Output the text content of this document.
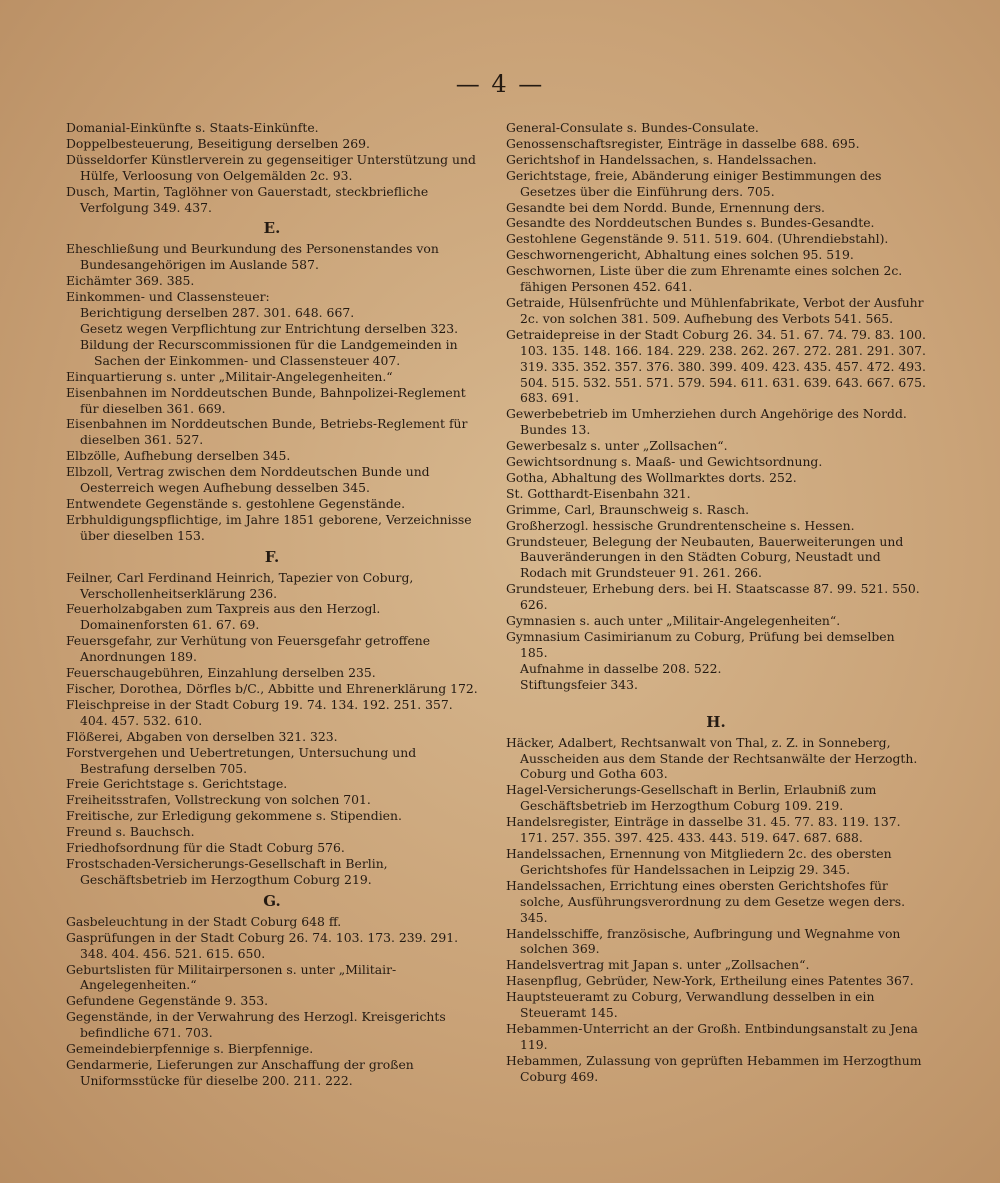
— 4 —
Domanial-Einkünfte s. Staats-Einkünfte.
Doppelbesteuerung, Beseitigung derselben 269.
Düsseldorfer Künstlerverein zu gegenseitiger Unterstützung und Hülfe, Verloosung von Oelgemälden 2c. 93.
Dusch, Martin, Taglöhner von Gauerstadt, steckbriefliche Verfolgung 349. 437.
E.
Eheschließung und Beurkundung des Personenstandes von Bundesangehörigen im Auslande 587.
Eichämter 369. 385.
Einkommen- und Classensteuer:
Berichtigung derselben 287. 301. 648. 667.
Gesetz wegen Verpflichtung zur Entrichtung derselben 323.
Bildung der Recurscommissionen für die Landgemeinden in Sachen der Einkommen- und Classensteuer 407.
Einquartierung s. unter „Militair-Angelegenheiten.“
Eisenbahnen im Norddeutschen Bunde, Bahnpolizei-Reglement für dieselben 361. 669.
Eisenbahnen im Norddeutschen Bunde, Betriebs-Reglement für dieselben 361. 527.
Elbzölle, Aufhebung derselben 345.
Elbzoll, Vertrag zwischen dem Norddeutschen Bunde und Oesterreich wegen Aufhebung desselben 345.
Entwendete Gegenstände s. gestohlene Gegenstände.
Erbhuldigungspflichtige, im Jahre 1851 geborene, Verzeichnisse über dieselben 153.
F.
Feilner, Carl Ferdinand Heinrich, Tapezier von Coburg, Verschollenheitserklärung 236.
Feuerholzabgaben zum Taxpreis aus den Herzogl. Domainenforsten 61. 67. 69.
Feuersgefahr, zur Verhütung von Feuersgefahr getroffene Anordnungen 189.
Feuerschaugebühren, Einzahlung derselben 235.
Fischer, Dorothea, Dörfles b/C., Abbitte und Ehrenerklärung 172.
Fleischpreise in der Stadt Coburg 19. 74. 134. 192. 251. 357. 404. 457. 532. 610.
Flößerei, Abgaben von derselben 321. 323.
Forstvergehen und Uebertretungen, Untersuchung und Bestrafung derselben 705.
Freie Gerichtstage s. Gerichtstage.
Freiheitsstrafen, Vollstreckung von solchen 701.
Freitische, zur Erledigung gekommene s. Stipendien.
Freund s. Bauchsch.
Friedhofsordnung für die Stadt Coburg 576.
Frostschaden-Versicherungs-Gesellschaft in Berlin, Geschäftsbetrieb im Herzogthum Coburg 219.
G.
Gasbeleuchtung in der Stadt Coburg 648 ff.
Gasprüfungen in der Stadt Coburg 26. 74. 103. 173. 239. 291. 348. 404. 456. 521. 615. 650.
Geburtslisten für Militairpersonen s. unter „Militair-Angelegenheiten.“
Gefundene Gegenstände 9. 353.
Gegenstände, in der Verwahrung des Herzogl. Kreisgerichts befindliche 671. 703.
Gemeindebierpfennige s. Bierpfennige.
Gendarmerie, Lieferungen zur Anschaffung der großen Uniformsstücke für dieselbe 200. 211. 222.
General-Consulate s. Bundes-Consulate.
Genossenschaftsregister, Einträge in dasselbe 688. 695.
Gerichtshof in Handelssachen, s. Handelssachen.
Gerichtstage, freie, Abänderung einiger Bestimmungen des Gesetzes über die Einführung ders. 705.
Gesandte bei dem Nordd. Bunde, Ernennung ders.
Gesandte des Norddeutschen Bundes s. Bundes-Gesandte.
Gestohlene Gegenstände 9. 511. 519. 604. (Uhrendiebstahl).
Geschwornengericht, Abhaltung eines solchen 95. 519.
Geschwornen, Liste über die zum Ehrenamte eines solchen 2c. fähigen Personen 452. 641.
Getraide, Hülsenfrüchte und Mühlenfabrikate, Verbot der Ausfuhr 2c. von solchen 381. 509. Aufhebung des Verbots 541. 565.
Getraidepreise in der Stadt Coburg 26. 34. 51. 67. 74. 79. 83. 100. 103. 135. 148. 166. 184. 229. 238. 262. 267. 272. 281. 291. 307. 319. 335. 352. 357. 376. 380. 399. 409. 423. 435. 457. 472. 493. 504. 515. 532. 551. 571. 579. 594. 611. 631. 639. 643. 667. 675. 683. 691.
Gewerbebetrieb im Umherziehen durch Angehörige des Nordd. Bundes 13.
Gewerbesalz s. unter „Zollsachen“.
Gewichtsordnung s. Maaß- und Gewichtsordnung.
Gotha, Abhaltung des Wollmarktes dorts. 252.
St. Gotthardt-Eisenbahn 321.
Grimme, Carl, Braunschweig s. Rasch.
Großherzogl. hessische Grundrentenscheine s. Hessen.
Grundsteuer, Belegung der Neubauten, Bauerweiterungen und Bauveränderungen in den Städten Coburg, Neustadt und Rodach mit Grundsteuer 91. 261. 266.
Grundsteuer, Erhebung ders. bei H. Staatscasse 87. 99. 521. 550. 626.
Gymnasien s. auch unter „Militair-Angelegenheiten“.
Gymnasium Casimirianum zu Coburg, Prüfung bei demselben 185.
Aufnahme in dasselbe 208. 522.
Stiftungsfeier 343.
H.
Häcker, Adalbert, Rechtsanwalt von Thal, z. Z. in Sonneberg, Ausscheiden aus dem Stande der Rechtsanwälte der Herzogth. Coburg und Gotha 603.
Hagel-Versicherungs-Gesellschaft in Berlin, Erlaubniß zum Geschäftsbetrieb im Herzogthum Coburg 109. 219.
Handelsregister, Einträge in dasselbe 31. 45. 77. 83. 119. 137. 171. 257. 355. 397. 425. 433. 443. 519. 647. 687. 688.
Handelssachen, Ernennung von Mitgliedern 2c. des obersten Gerichtshofes für Handelssachen in Leipzig 29. 345.
Handelssachen, Errichtung eines obersten Gerichtshofes für solche, Ausführungsverordnung zu dem Gesetze wegen ders. 345.
Handelsschiffe, französische, Aufbringung und Wegnahme von solchen 369.
Handelsvertrag mit Japan s. unter „Zollsachen“.
Hasenpflug, Gebrüder, New-York, Ertheilung eines Patentes 367.
Hauptsteueramt zu Coburg, Verwandlung desselben in ein Steueramt 145.
Hebammen-Unterricht an der Großh. Entbindungsanstalt zu Jena 119.
Hebammen, Zulassung von geprüften Hebammen im Herzogthum Coburg 469.
